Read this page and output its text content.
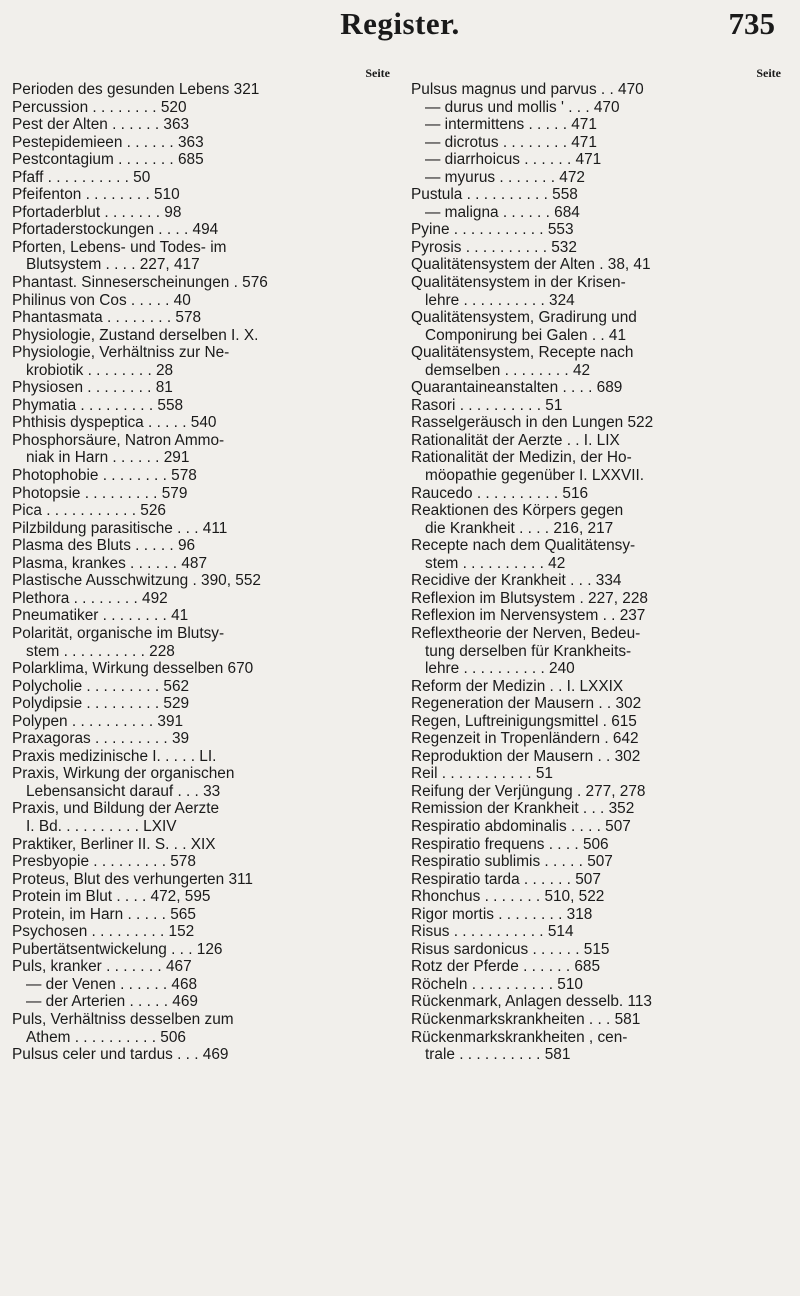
Register.	735
Seite
Perioden des gesunden Lebens 321
Percussion . . . . . . . . 520
Pest der Alten . . . . . . 363
Pestepidemieen . . . . . . 363
Pestcontagium . . . . . . . 685
Pfaff . . . . . . . . . . 50
Pfeifenton . . . . . . . . 510
Pfortaderblut . . . . . . . 98
Pfortaderstockungen . . . . 494
Pforten, Lebens- und Todes- im
Blutsystem . . . . 227, 417
Phantast. Sinneserscheinungen . 576
Philinus von Cos . . . . . 40
Phantasmata . . . . . . . . 578
Physiologie, Zustand derselben I. X.
Physiologie, Verhältniss zur Ne-
krobiotik . . . . . . . . 28
Physiosen . . . . . . . . 81
Phymatia . . . . . . . . . 558
Phthisis dyspeptica . . . . . 540
Phosphorsäure, Natron Ammo-
niak in Harn . . . . . . 291
Photophobie . . . . . . . . 578
Photopsie . . . . . . . . . 579
Pica . . . . . . . . . . . 526
Pilzbildung parasitische . . . 411
Plasma des Bluts . . . . . 96
Plasma, krankes . . . . . . 487
Plastische Ausschwitzung . 390, 552
Plethora . . . . . . . . 492
Pneumatiker . . . . . . . . 41
Polarität, organische im Blutsy-
stem . . . . . . . . . . 228
Polarklima, Wirkung desselben 670
Polycholie . . . . . . . . . 562
Polydipsie . . . . . . . . . 529
Polypen . . . . . . . . . . 391
Praxagoras . . . . . . . . . 39
Praxis medizinische I. . . . . LI.
Praxis, Wirkung der organischen
Lebensansicht darauf . . . 33
Praxis, und Bildung der Aerzte
I. Bd. . . . . . . . . . LXIV
Praktiker, Berliner II. S. . . XIX
Presbyopie . . . . . . . . . 578
Proteus, Blut des verhungerten 311
Protein im Blut . . . . 472, 595
Protein, im Harn . . . . . 565
Psychosen . . . . . . . . . 152
Pubertätsentwickelung . . . 126
Puls, kranker . . . . . . . 467
— der Venen . . . . . . 468
— der Arterien . . . . . 469
Puls, Verhältniss desselben zum
Athem . . . . . . . . . . 506
Pulsus celer und tardus . . . 469
Seite
Pulsus magnus und parvus . . 470
— durus und mollis ' . . . 470
— intermittens . . . . . 471
— dicrotus . . . . . . . . 471
— diarrhoicus . . . . . . 471
— myurus . . . . . . . 472
Pustula . . . . . . . . . . 558
— maligna . . . . . . 684
Pyine . . . . . . . . . . . 553
Pyrosis . . . . . . . . . . 532
Qualitätensystem der Alten . 38, 41
Qualitätensystem in der Krisen-
lehre . . . . . . . . . . 324
Qualitätensystem, Gradirung und
Componirung bei Galen . . 41
Qualitätensystem, Recepte nach
demselben . . . . . . . . 42
Quarantaineanstalten . . . . 689
Rasori . . . . . . . . . . 51
Rasselgeräusch in den Lungen 522
Rationalität der Aerzte . . I. LIX
Rationalität der Medizin, der Ho-
möopathie gegenüber I. LXXVII.
Raucedo . . . . . . . . . . 516
Reaktionen des Körpers gegen
die Krankheit . . . . 216, 217
Recepte nach dem Qualitätensy-
stem . . . . . . . . . . 42
Recidive der Krankheit . . . 334
Reflexion im Blutsystem . 227, 228
Reflexion im Nervensystem . . 237
Reflextheorie der Nerven, Bedeu-
tung derselben für Krankheits-
lehre . . . . . . . . . . 240
Reform der Medizin . . I. LXXIX
Regeneration der Mausern . . 302
Regen, Luftreinigungsmittel . 615
Regenzeit in Tropenländern . 642
Reproduktion der Mausern . . 302
Reil . . . . . . . . . . . 51
Reifung der Verjüngung . 277, 278
Remission der Krankheit . . . 352
Respiratio abdominalis . . . . 507
Respiratio frequens . . . . 506
Respiratio sublimis . . . . . 507
Respiratio tarda . . . . . . 507
Rhonchus . . . . . . . 510, 522
Rigor mortis . . . . . . . . 318
Risus . . . . . . . . . . . 514
Risus sardonicus . . . . . . 515
Rotz der Pferde . . . . . . 685
Röcheln . . . . . . . . . . 510
Rückenmark, Anlagen desselb. 113
Rückenmarkskrankheiten . . . 581
Rückenmarkskrankheiten , cen-
trale . . . . . . . . . . 581
